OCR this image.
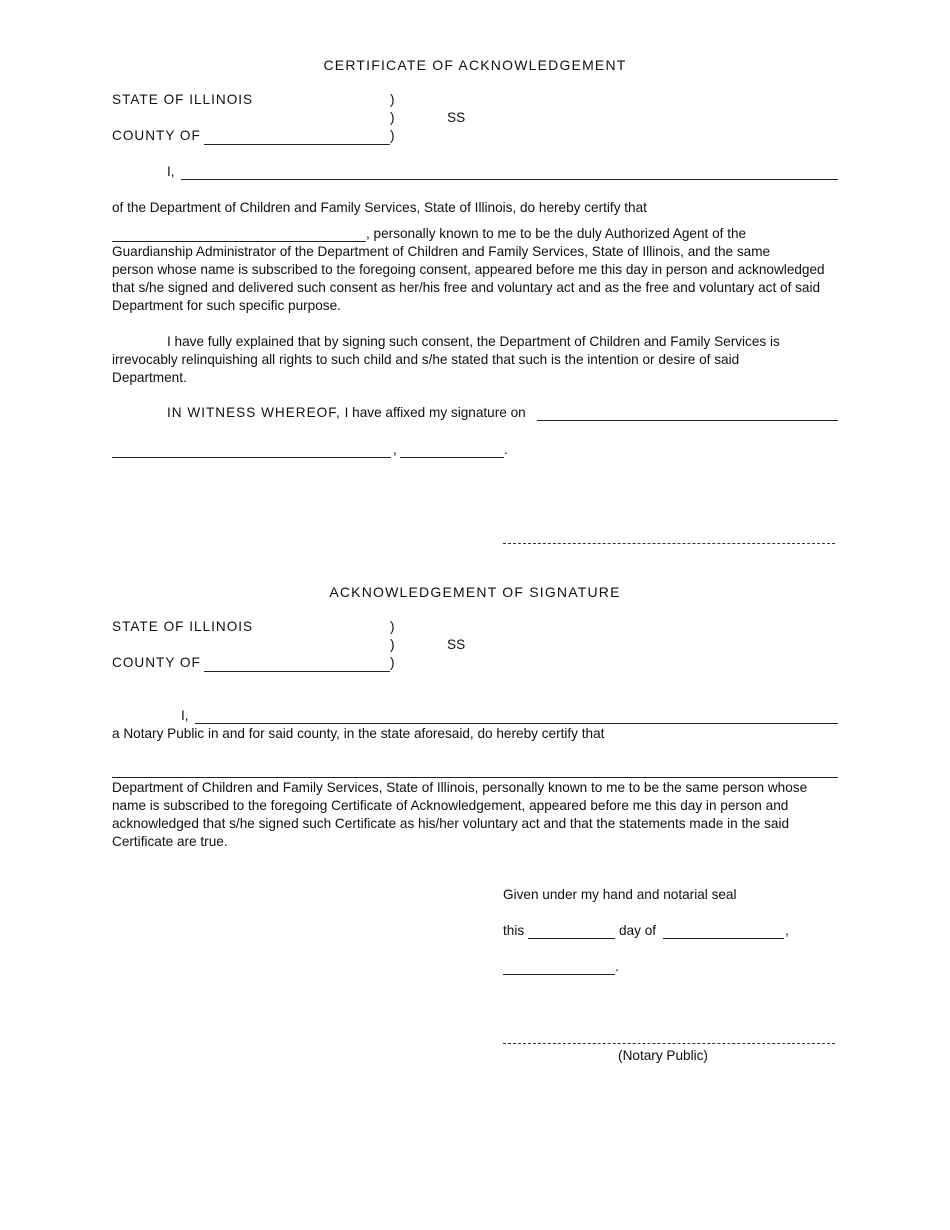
CERTIFICATE OF ACKNOWLEDGEMENT
STATE OF ILLINOIS	)
)	SS
COUNTY OF	)
I,
of the Department of Children and Family Services, State of Illinois, do hereby certify that

, personally known to me to be the duly Authorized Agent of the

Guardianship Administrator of the Department of Children and Family Services, State of Illinois, and the same

person whose name is subscribed to the foregoing consent, appeared before me this day in person and acknowledged

that s/he signed and delivered such consent as her/his free and voluntary act and as the free and voluntary act of said

Department for such specific purpose.

I have fully explained that by signing such consent, the Department of Children and Family Services is

irrevocably relinquishing all rights to such child and s/he stated that such is the intention or desire of said

Department.

IN WITNESS WHEREOF, I have affixed my signature on
,	.
ACKNOWLEDGEMENT OF SIGNATURE
STATE OF ILLINOIS	)
)	SS
COUNTY OF	)
I,
a Notary Public in and for said county, in the state aforesaid, do hereby certify that

Department of Children and Family Services, State of Illinois, personally known to me to be the same person whose

name is subscribed to the foregoing Certificate of Acknowledgement, appeared before me this day in person and

acknowledged that s/he signed such Certificate as his/her voluntary act and that the statements made in the said

Certificate are true.

Given under my hand and notarial seal
this	day of	,
.
(Notary Public)
